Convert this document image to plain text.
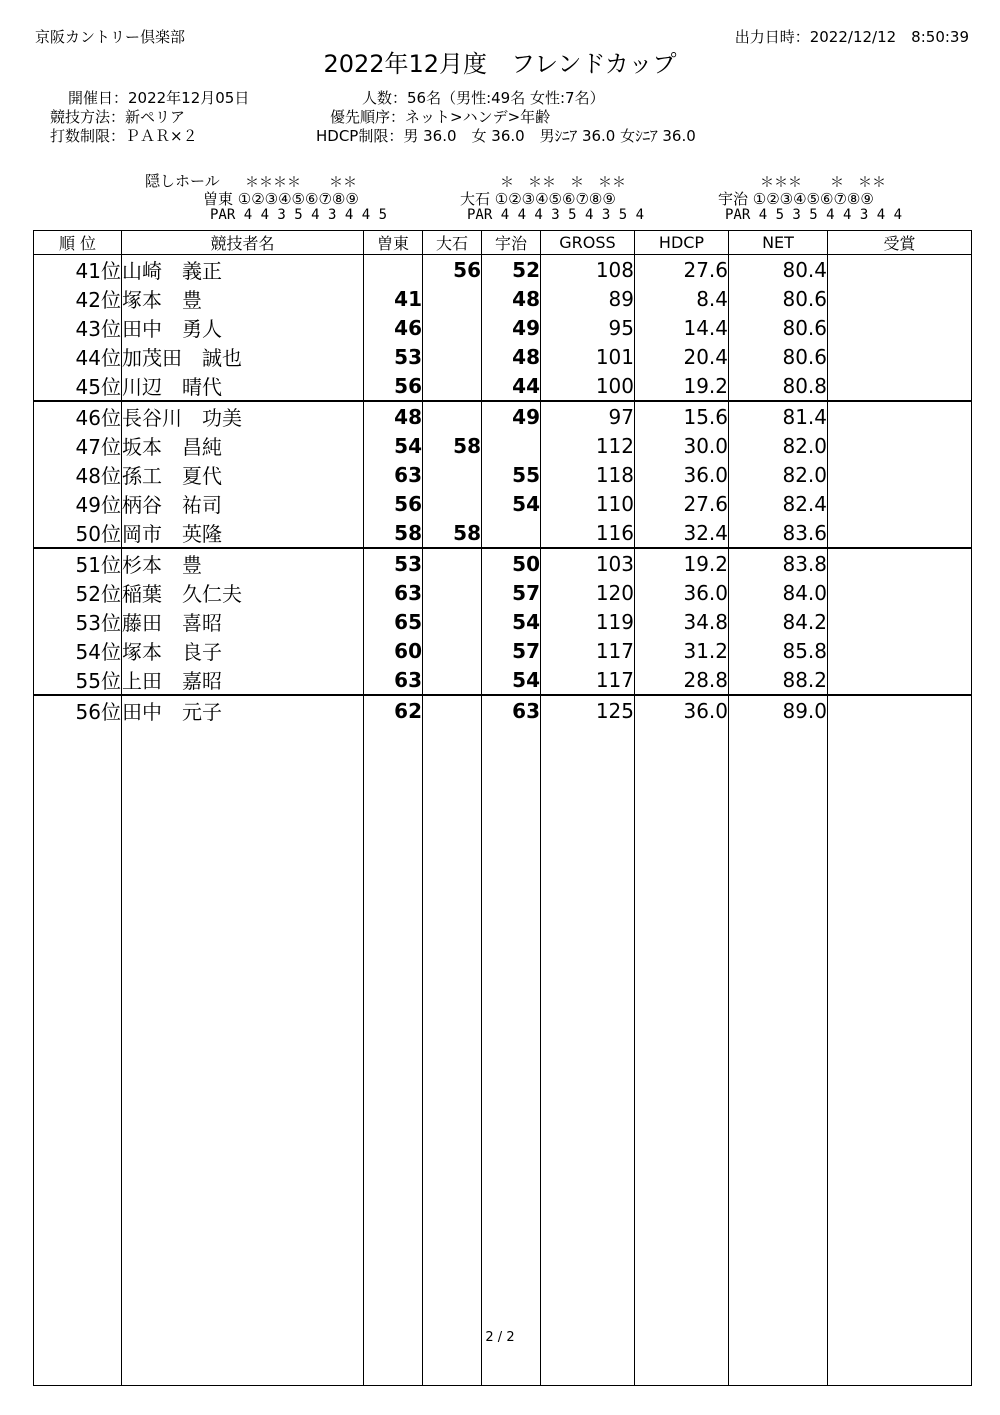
京阪カントリー倶楽部	出力日時：2022/12/12　8:50:39
2022年12月度　フレンドカップ
開催日：2022年12月05日
競技方法：新ペリア
打数制限：ＰＡＲ×２
人数：56名（男性:49名 女性:7名）
優先順序：ネット>ハンデ>年齢
HDCP制限：男 36.0　女 36.0　男ｼﾆｱ 36.0 女ｼﾆｱ 36.0
隠しホール ＊＊＊＊　　＊＊	＊　＊＊　＊　＊＊	＊＊＊　　＊　＊＊
曽東 ①②③④⑤⑥⑦⑧⑨
PAR 4 4 3 5 4 3 4 4 5
大石 ①②③④⑤⑥⑦⑧⑨
PAR 4 4 4 3 5 4 3 5 4
宇治 ①②③④⑤⑥⑦⑧⑨
PAR 4 5 3 5 4 4 3 4 4
順 位	競技者名	曽東	大石	宇治	GROSS	HDCP	NET	受賞
41位	山崎　義正		56	52	108	27.6	80.4	
42位	塚本　豊	41		48	89	8.4	80.6	
43位	田中　勇人	46		49	95	14.4	80.6	
44位	加茂田　誠也	53		48	101	20.4	80.6	
45位	川辺　晴代	56		44	100	19.2	80.8	
46位	長谷川　功美	48		49	97	15.6	81.4	
47位	坂本　昌純	54	58		112	30.0	82.0	
48位	孫工　夏代	63		55	118	36.0	82.0	
49位	柄谷　祐司	56		54	110	27.6	82.4	
50位	岡市　英隆	58	58		116	32.4	83.6	
51位	杉本　豊	53		50	103	19.2	83.8	
52位	稲葉　久仁夫	63		57	120	36.0	84.0	
53位	藤田　喜昭	65		54	119	34.8	84.2	
54位	塚本　良子	60		57	117	31.2	85.8	
55位	上田　嘉昭	63		54	117	28.8	88.2	
56位	田中　元子	62		63	125	36.0	89.0	

2 / 2
